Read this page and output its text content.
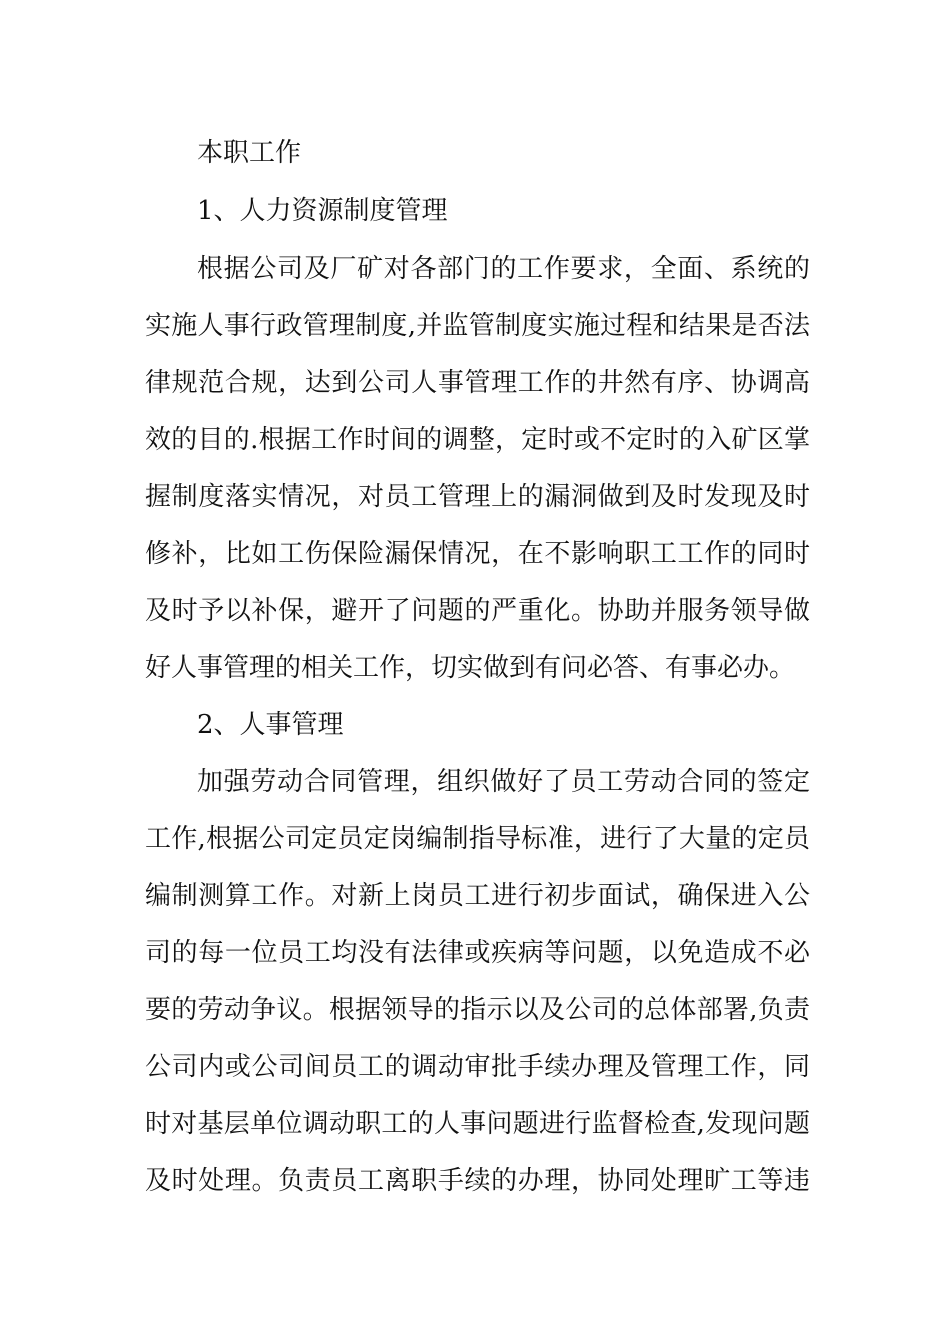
本职工作
1、人力资源制度管理
根据公司及厂矿对各部门的工作要求，全面、系统的
实施人事行政管理制度,并监管制度实施过程和结果是否法
律规范合规，达到公司人事管理工作的井然有序、协调高
效的目的.根据工作时间的调整，定时或不定时的入矿区掌
握制度落实情况，对员工管理上的漏洞做到及时发现及时
修补，比如工伤保险漏保情况，在不影响职工工作的同时
及时予以补保，避开了问题的严重化。协助并服务领导做
好人事管理的相关工作，切实做到有问必答、有事必办。
2、人事管理
加强劳动合同管理，组织做好了员工劳动合同的签定
工作,根据公司定员定岗编制指导标准，进行了大量的定员
编制测算工作。对新上岗员工进行初步面试，确保进入公
司的每一位员工均没有法律或疾病等问题，以免造成不必
要的劳动争议。根据领导的指示以及公司的总体部署,负责
公司内或公司间员工的调动审批手续办理及管理工作，同
时对基层单位调动职工的人事问题进行监督检查,发现问题
及时处理。负责员工离职手续的办理，协同处理旷工等违
